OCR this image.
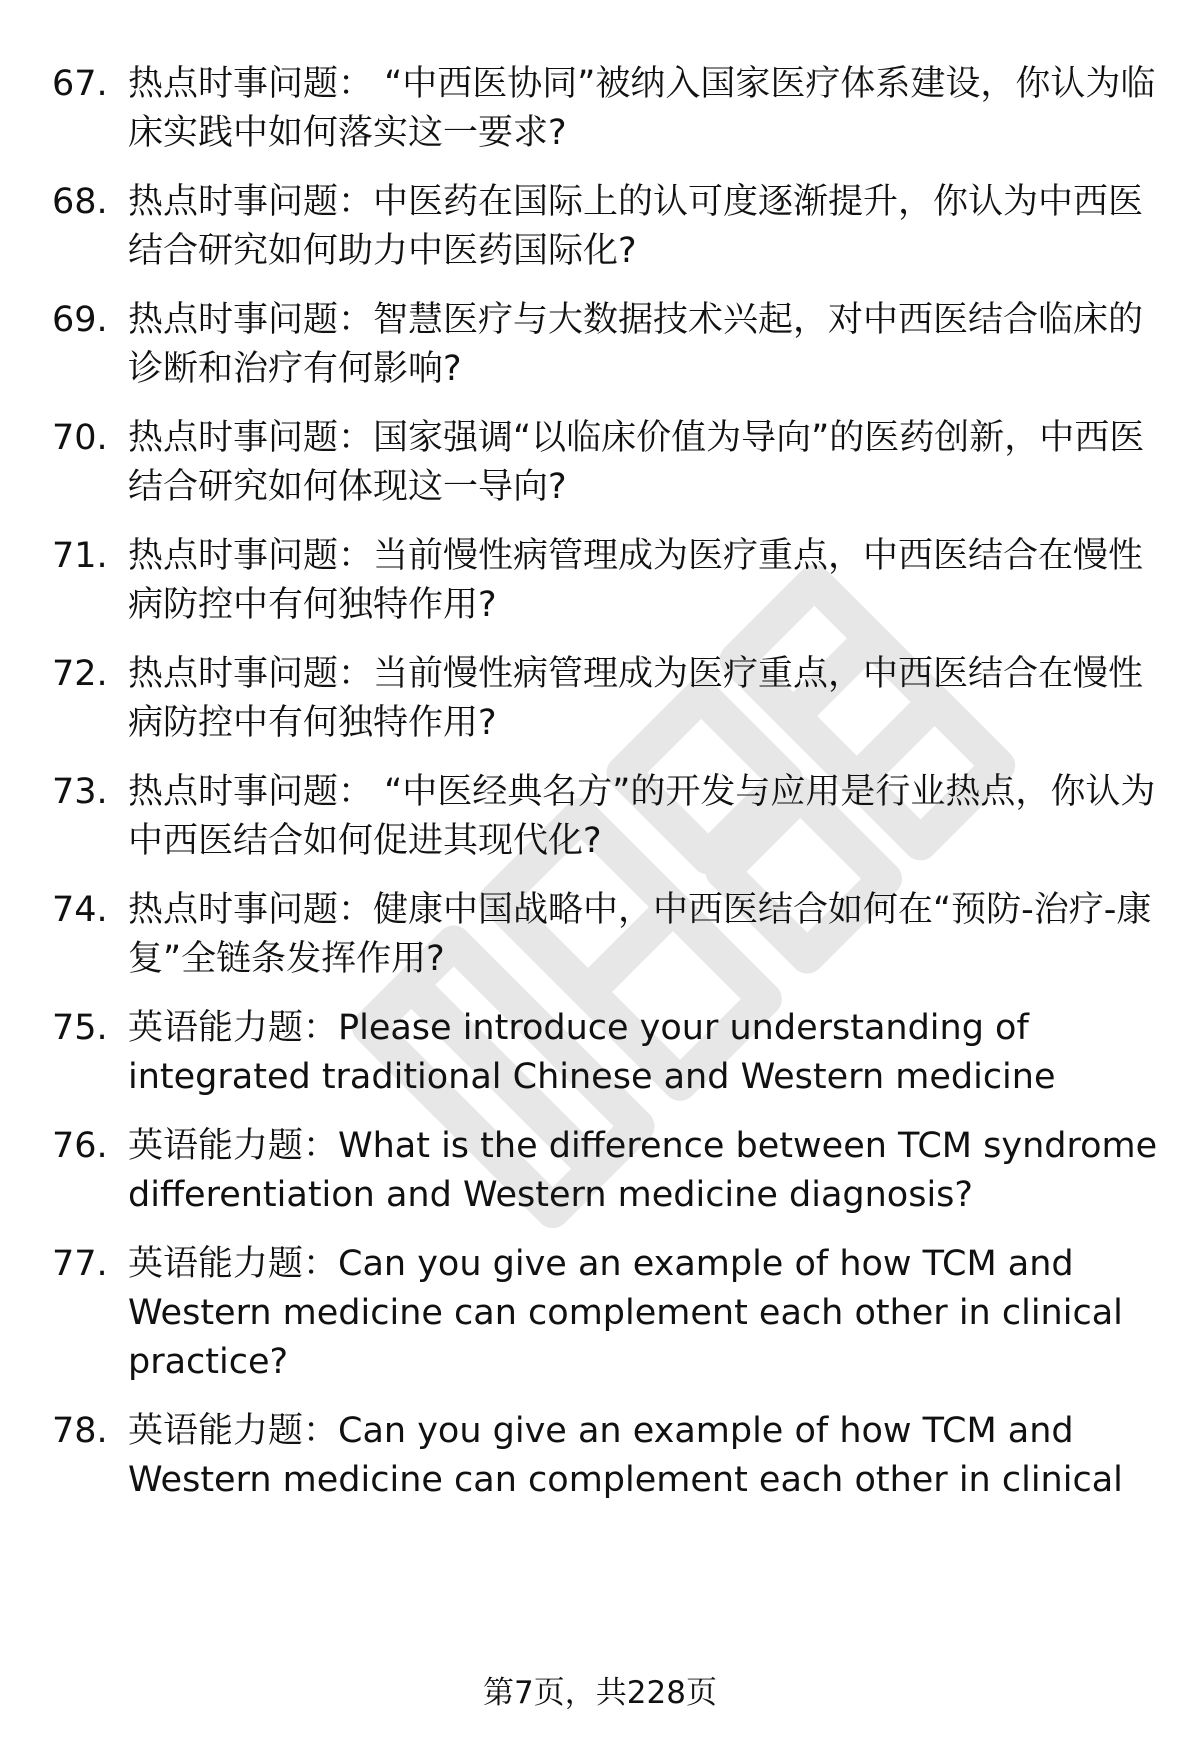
67. 热点时事问题： “中西医协同”被纳入国家医疗体系建设，你认为临床实践中如何落实这一要求?
68. 热点时事问题：中医药在国际上的认可度逐渐提升，你认为中西医结合研究如何助力中医药国际化?
69. 热点时事问题：智慧医疗与大数据技术兴起，对中西医结合临床的诊断和治疗有何影响?
70. 热点时事问题：国家强调“以临床价值为导向”的医药创新，中西医结合研究如何体现这一导向?
71. 热点时事问题：当前慢性病管理成为医疗重点，中西医结合在慢性病防控中有何独特作用?
72. 热点时事问题：当前慢性病管理成为医疗重点，中西医结合在慢性病防控中有何独特作用?
73. 热点时事问题： “中医经典名方”的开发与应用是行业热点，你认为中西医结合如何促进其现代化?
74. 热点时事问题：健康中国战略中，中西医结合如何在“预防-治疗-康复”全链条发挥作用?
75. 英语能力题：Please introduce your understanding of integrated traditional Chinese and Western medicine
76. 英语能力题：What is the difference between TCM syndrome differentiation and Western medicine diagnosis?
77. 英语能力题：Can you give an example of how TCM and Western medicine can complement each other in clinical practice?
78. 英语能力题：Can you give an example of how TCM and Western medicine can complement each other in clinical
第7页，共228页
